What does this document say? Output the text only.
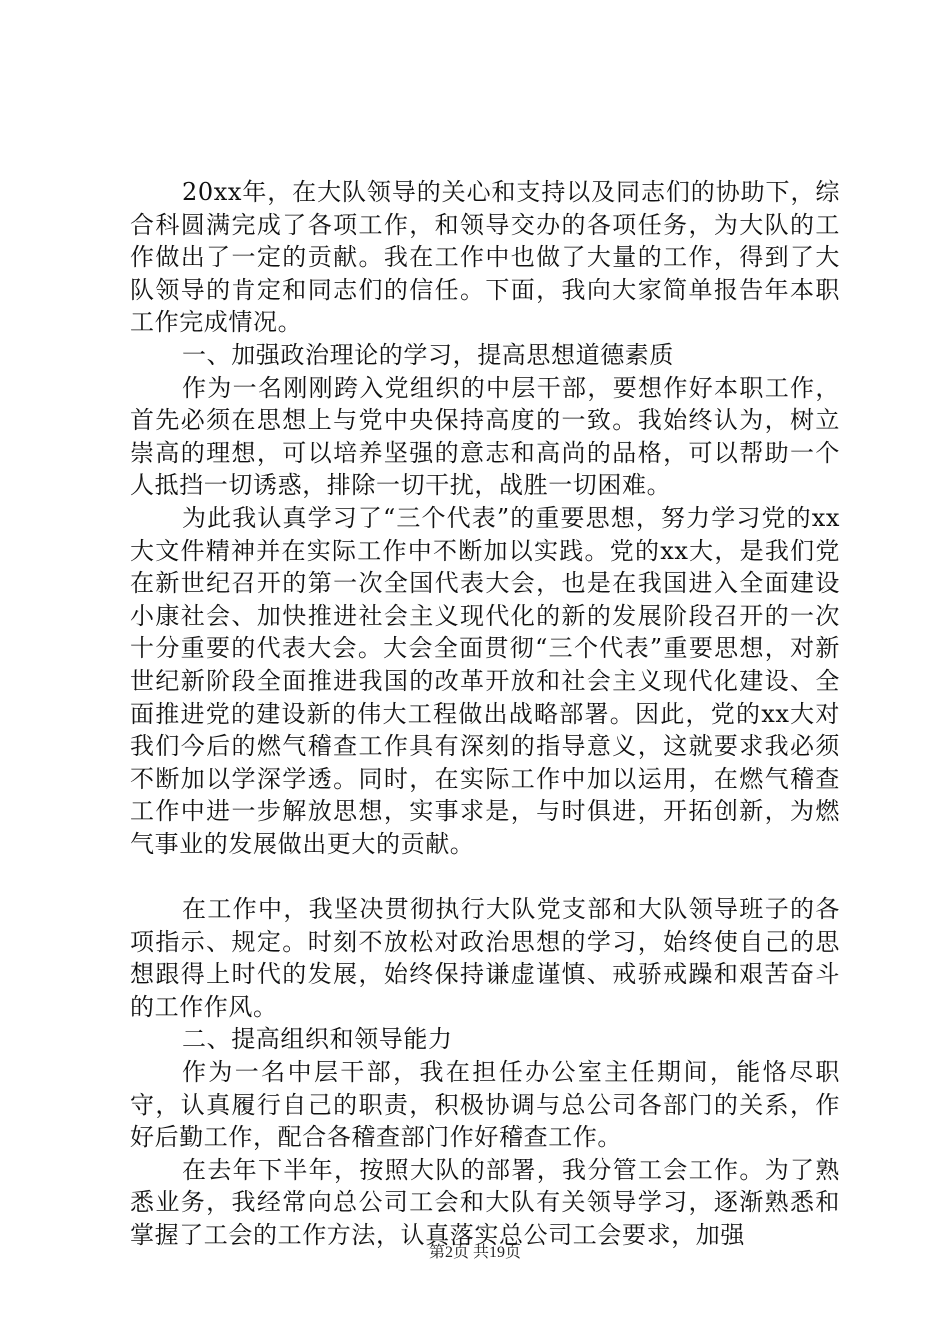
20xx年，在大队领导的关心和支持以及同志们的协助下，综合科圆满完成了各项工作，和领导交办的各项任务，为大队的工作做出了一定的贡献。我在工作中也做了大量的工作，得到了大队领导的肯定和同志们的信任。下面，我向大家简单报告年本职工作完成情况。

一、加强政治理论的学习，提高思想道德素质

作为一名刚刚跨入党组织的中层干部，要想作好本职工作，首先必须在思想上与党中央保持高度的一致。我始终认为，树立崇高的理想，可以培养坚强的意志和高尚的品格，可以帮助一个人抵挡一切诱惑，排除一切干扰，战胜一切困难。

为此我认真学习了“三个代表”的重要思想，努力学习党的xx大文件精神并在实际工作中不断加以实践。党的xx大，是我们党在新世纪召开的第一次全国代表大会，也是在我国进入全面建设小康社会、加快推进社会主义现代化的新的发展阶段召开的一次十分重要的代表大会。大会全面贯彻“三个代表”重要思想，对新世纪新阶段全面推进我国的改革开放和社会主义现代化建设、全面推进党的建设新的伟大工程做出战略部署。因此，党的xx大对我们今后的燃气稽查工作具有深刻的指导意义，这就要求我必须不断加以学深学透。同时，在实际工作中加以运用，在燃气稽查工作中进一步解放思想，实事求是，与时俱进，开拓创新，为燃气事业的发展做出更大的贡献。

在工作中，我坚决贯彻执行大队党支部和大队领导班子的各项指示、规定。时刻不放松对政治思想的学习，始终使自己的思想跟得上时代的发展，始终保持谦虚谨慎、戒骄戒躁和艰苦奋斗的工作作风。

二、提高组织和领导能力

作为一名中层干部，我在担任办公室主任期间，能恪尽职守，认真履行自己的职责，积极协调与总公司各部门的关系，作好后勤工作，配合各稽查部门作好稽查工作。

在去年下半年，按照大队的部署，我分管工会工作。为了熟悉业务，我经常向总公司工会和大队有关领导学习，逐渐熟悉和掌握了工会的工作方法，认真落实总公司工会要求，加强

第2页 共19页
